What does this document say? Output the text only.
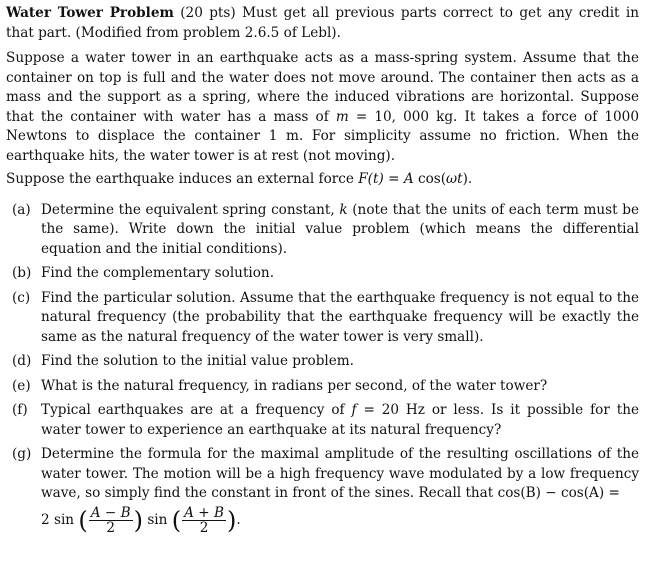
Water Tower Problem (20 pts) Must get all previous parts correct to get any credit in that part. (Modified from problem 2.6.5 of Lebl).

Suppose a water tower in an earthquake acts as a mass-spring system. Assume that the container on top is full and the water does not move around. The container then acts as a mass and the support as a spring, where the induced vibrations are horizontal. Suppose that the container with water has a mass of m = 10, 000 kg. It takes a force of 1000 Newtons to displace the container 1 m. For simplicity assume no friction. When the earthquake hits, the water tower is at rest (not moving).

Suppose the earthquake induces an external force F(t) = A cos(ωt).

(a) Determine the equivalent spring constant, k (note that the units of each term must be the same). Write down the initial value problem (which means the differential equation and the initial conditions).
(b) Find the complementary solution.
(c) Find the particular solution. Assume that the earthquake frequency is not equal to the natural frequency (the probability that the earthquake frequency will be exactly the same as the natural frequency of the water tower is very small).
(d) Find the solution to the initial value problem.
(e) What is the natural frequency, in radians per second, of the water tower?
(f) Typical earthquakes are at a frequency of f = 20 Hz or less. Is it possible for the water tower to experience an earthquake at its natural frequency?
(g) Determine the formula for the maximal amplitude of the resulting oscillations of the water tower. The motion will be a high frequency wave modulated by a low frequency wave, so simply find the constant in front of the sines. Recall that cos(B) − cos(A) =
2 sin ( $\frac{A - B}{2}$ ) sin ( $\frac{A + B}{2}$ ).
